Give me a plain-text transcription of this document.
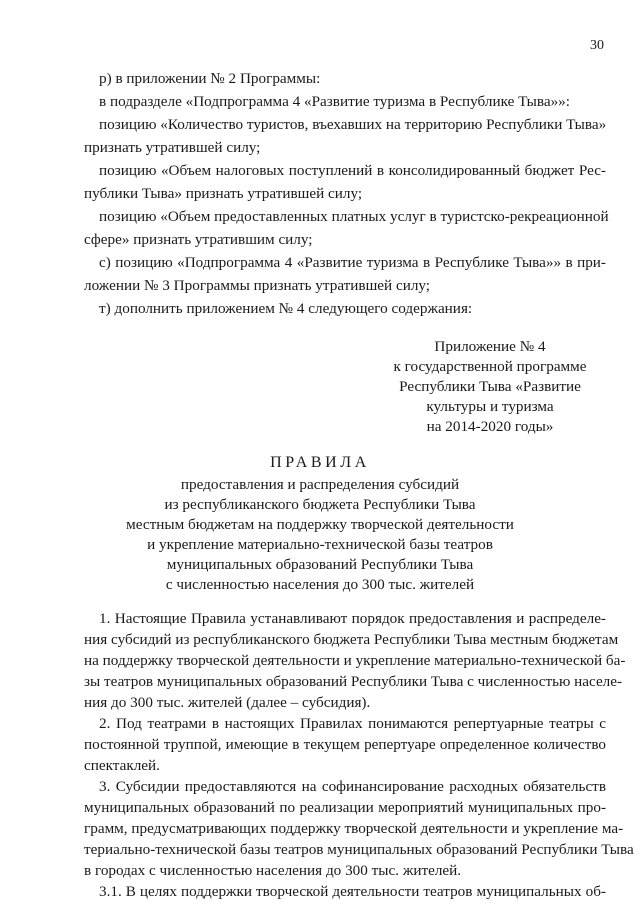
30
р) в приложении № 2 Программы:
в подразделе «Подпрограмма 4 «Развитие туризма в Республике Тыва»»:
позицию «Количество туристов, въехавших на территорию Республики Тыва»
признать утратившей силу;
позицию «Объем налоговых поступлений в консолидированный бюджет Рес-
публики Тыва» признать утратившей силу;
позицию «Объем предоставленных платных услуг в туристско-рекреационной
сфере» признать утратившим силу;
с) позицию «Подпрограмма 4 «Развитие туризма в Республике Тыва»» в при-
ложении № 3 Программы признать утратившей силу;
т) дополнить приложением № 4 следующего содержания:
Приложение № 4
к государственной программе
Республики Тыва «Развитие
культуры и туризма
на 2014-2020 годы»
ПРАВИЛА
предоставления и распределения субсидий
из республиканского бюджета Республики Тыва
местным бюджетам на поддержку творческой деятельности
и укрепление материально-технической базы театров
муниципальных образований Республики Тыва
с численностью населения до 300 тыс. жителей
1. Настоящие Правила устанавливают порядок предоставления и распределе-
ния субсидий из республиканского бюджета Республики Тыва местным бюджетам
на поддержку творческой деятельности и укрепление материально-технической ба-
зы театров муниципальных образований Республики Тыва с численностью населе-
ния до 300 тыс. жителей (далее – субсидия).
2. Под театрами в настоящих Правилах понимаются репертуарные театры с
постоянной труппой, имеющие в текущем репертуаре определенное количество
спектаклей.
3. Субсидии предоставляются на софинансирование расходных обязательств
муниципальных образований по реализации мероприятий муниципальных про-
грамм, предусматривающих поддержку творческой деятельности и укрепление ма-
териально-технической базы театров муниципальных образований Республики Тыва
в городах с численностью населения до 300 тыс. жителей.
3.1. В целях поддержки творческой деятельности театров муниципальных об-
